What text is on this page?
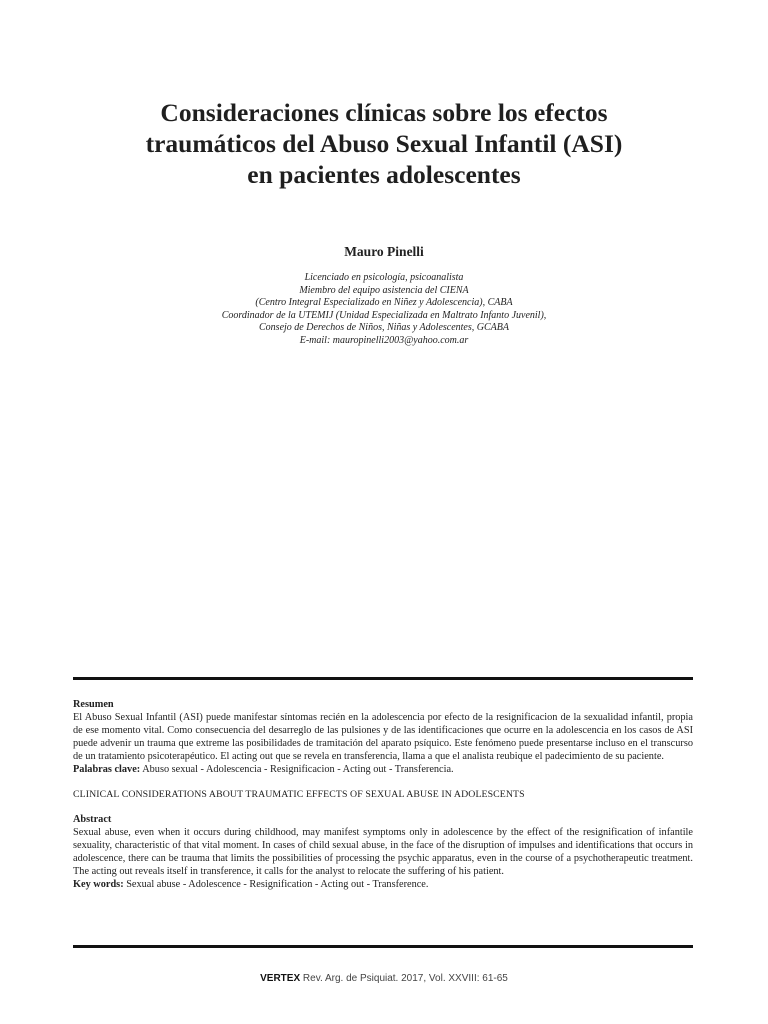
Consideraciones clínicas sobre los efectos
traumáticos del Abuso Sexual Infantil (ASI)
en pacientes adolescentes
Mauro Pinelli
Licenciado en psicología, psicoanalista
Miembro del equipo asistencia del CIENA
(Centro Integral Especializado en Niñez y Adolescencia), CABA
Coordinador de la UTEMIJ (Unidad Especializada en Maltrato Infanto Juvenil),
Consejo de Derechos de Niños, Niñas y Adolescentes, GCABA
E-mail: mauropinelli2003@yahoo.com.ar

Resumen

El Abuso Sexual Infantil (ASI) puede manifestar síntomas recién en la adolescencia por efecto de la resignificacion de la sexualidad infantil, propia de ese momento vital. Como consecuencia del desarreglo de las pulsiones y de las identificaciones que ocurre en la adolescencia en los casos de ASI puede advenir un trauma que extreme las posibilidades de tramitación del aparato psíquico. Este fenómeno puede presentarse incluso en el transcurso de un tratamiento psicoterapéutico. El acting out que se revela en transferencia, llama a que el analista reubique el padecimiento de su paciente.

Palabras clave: Abuso sexual - Adolescencia - Resignificacion - Acting out - Transferencia.

CLINICAL CONSIDERATIONS ABOUT TRAUMATIC EFFECTS OF SEXUAL ABUSE IN ADOLESCENTS

Abstract

Sexual abuse, even when it occurs during childhood, may manifest symptoms only in adolescence by the effect of the resignification of infantile sexuality, characteristic of that vital moment. In cases of child sexual abuse, in the face of the disruption of impulses and identifications that occurs in adolescence, there can be trauma that limits the possibilities of processing the psychic apparatus, even in the course of a psychotherapeutic treatment. The acting out reveals itself in transference, it calls for the analyst to relocate the suffering of his patient.

Key words: Sexual abuse - Adolescence - Resignification - Acting out - Transference.

VERTEX Rev. Arg. de Psiquiat. 2017, Vol. XXVIII: 61-65
